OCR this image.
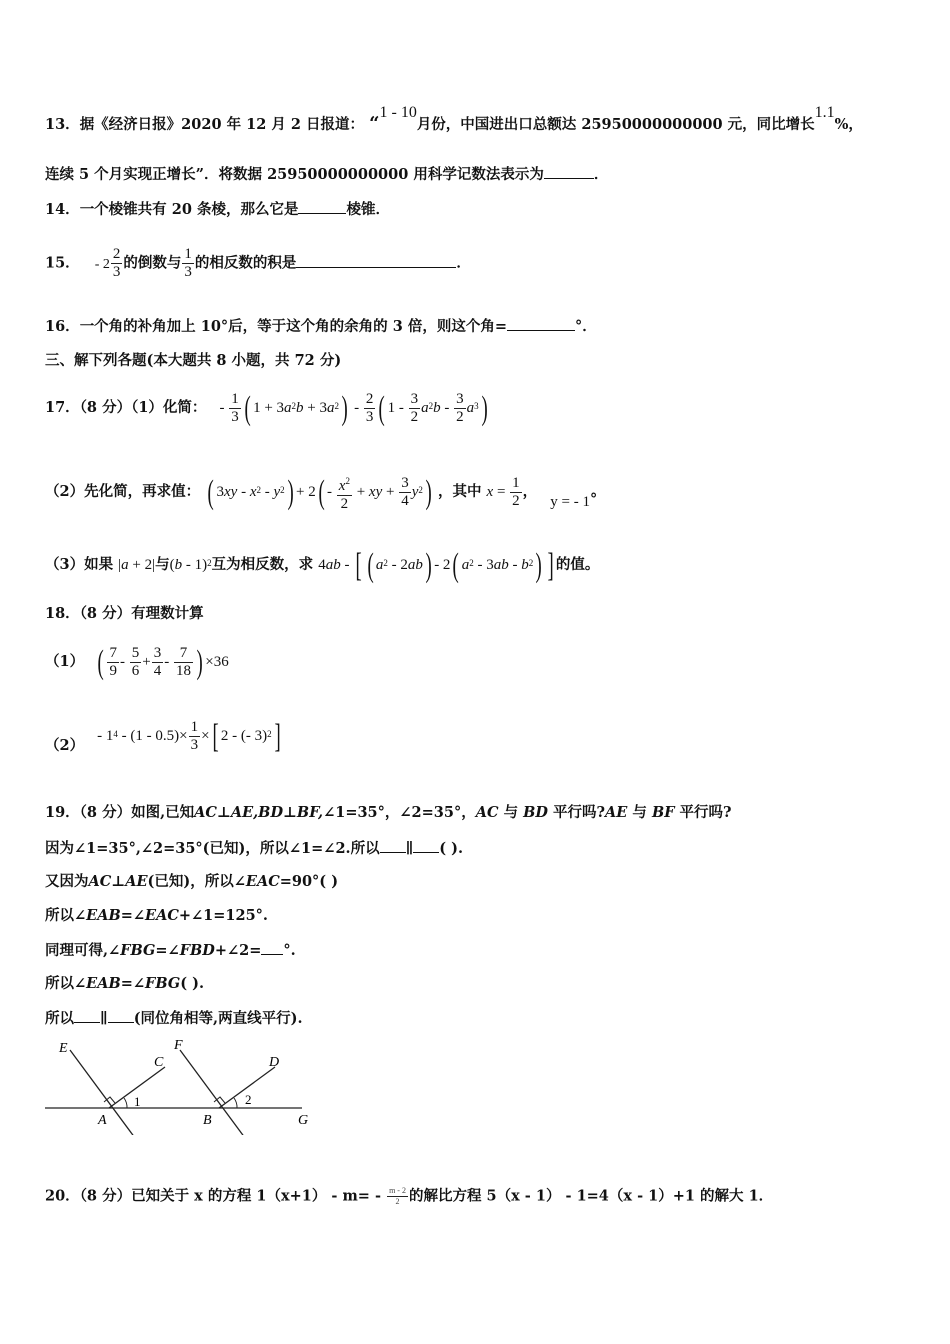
13．据《经济日报》2020 年 12 月 2 日报道： “1 - 10月份，中国进出口总额达 25950000000000 元，同比增长1.1%，
连续 5 个月实现正增长”．将数据 25950000000000 用科学记数法表示为	．
14．一个棱锥共有 20 条棱，那么它是	棱锥．
15． - $2 \frac{2}{3}$ 的倒数与 $\frac{1}{3}$ 的相反数的积是	．
16．一个角的补角加上 10°后，等于这个角的余角的 3 倍，则这个角=	°．
三、解下列各题(本大题共 8 小题，共 72 分)
17．（8 分）（1）化简： - $\frac{1}{3}$ ( $1 + 3a^2b + 3a^2) - \frac{2}{3}$ ( $1 - \frac{3}{2} a^2b - \frac{3}{2} a^3$)
（2）先化简，再求值： ( $3xy - x^2 - y^2) + 2( - \frac{x^2}{2}$ + xy + $\frac{3}{4} y^2$) ，其中 $x = \frac{1}{2}$ ， y = - 1°
（3）如果 |a + 2|与(b - 1)$^2$互为相反数，求 4ab - [ ( $a^2 - 2ab) - 2$( $a^2 - 3ab - b^2$) ] 的值。
18．（8 分）有理数计算
（1） ( $\frac{7}{9} - \frac{5}{6} + \frac{3}{4} - \frac{7}{18}$ ) ×36
$(2) - 1^4 - (1 - 0.5)\times \frac{1}{3}$ ×[ 2 - (- 3)$^2$]
19．（8 分）如图,已知AC⊥AE,BD⊥BF,∠1=35°，∠2=35°，AC 与 BD 平行吗?AE 与 BF 平行吗?
因为∠1=35°,∠2=35°(已知)，所以∠1=∠2.所以 ∥ ( ).
又因为AC⊥AE(已知)，所以∠EAC=90°( )
所以∠EAB=∠EAC+∠1=125°.
同理可得,∠FBG=∠FBD+∠2= °.
所以∠EAB=∠FBG( ).
所以 ∥ (同位角相等,两直线平行).
E
C
A
1
F
D
B
2
G
20．（8 分）已知关于 x 的方程 $1(x+1) - m= - \frac{m - 2}{2}$ 的解比方程 5（x - 1） - 1=4（x - 1）+1 的解大 1．
